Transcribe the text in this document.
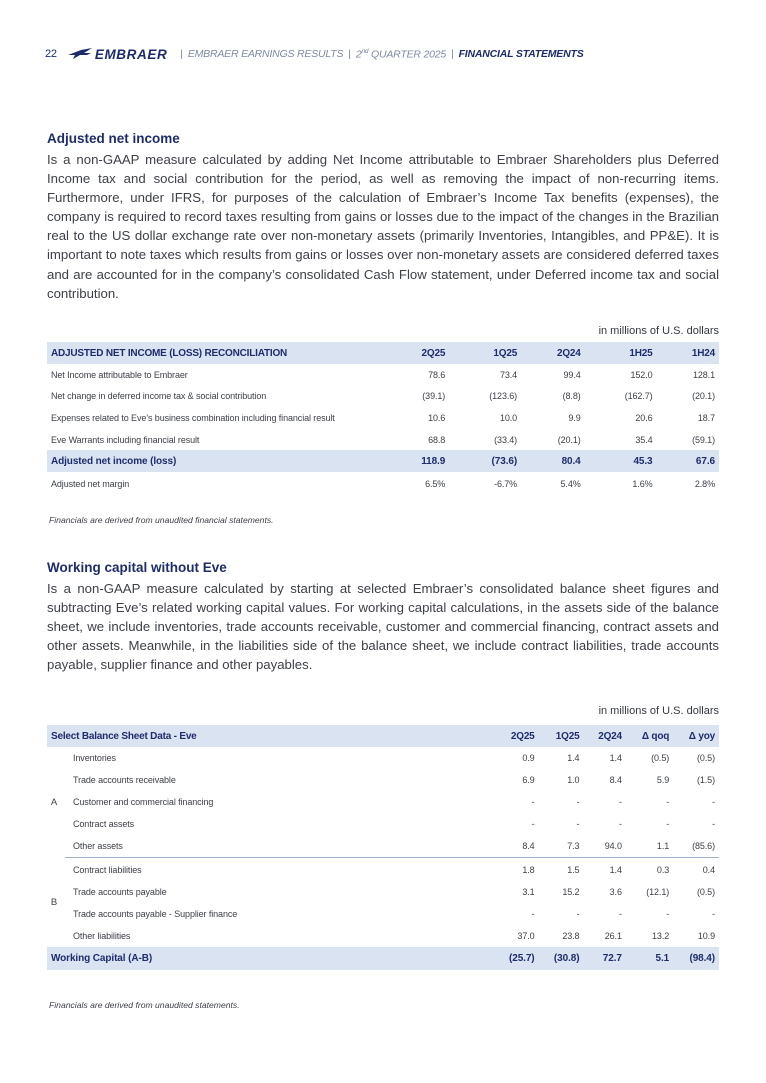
22	EMBRAER | EMBRAER EARNINGS RESULTS | 2nd QUARTER 2025 | FINANCIAL STATEMENTS
Adjusted net income

Is a non-GAAP measure calculated by adding Net Income attributable to Embraer Shareholders plus Deferred Income tax and social contribution for the period, as well as removing the impact of non-recurring items. Furthermore, under IFRS, for purposes of the calculation of Embraer’s Income Tax benefits (expenses), the company is required to record taxes resulting from gains or losses due to the impact of the changes in the Brazilian real to the US dollar exchange rate over non-monetary assets (primarily Inventories, Intangibles, and PP&E). It is important to note taxes which results from gains or losses over non-monetary assets are considered deferred taxes and are accounted for in the company’s consolidated Cash Flow statement, under Deferred income tax and social contribution.

in millions of U.S. dollars
ADJUSTED NET INCOME (LOSS) RECONCILIATION	2Q25	1Q25	2Q24	1H25	1H24
Net Income attributable to Embraer	78.6	73.4	99.4	152.0	128.1
Net change in deferred income tax & social contribution	(39.1)	(123.6)	(8.8)	(162.7)	(20.1)
Expenses related to Eve’s business combination including financial result	10.6	10.0	9.9	20.6	18.7
Eve Warrants including financial result	68.8	(33.4)	(20.1)	35.4	(59.1)
Adjusted net income (loss)	118.9	(73.6)	80.4	45.3	67.6
Adjusted net margin	6.5%	-6.7%	5.4%	1.6%	2.8%
Financials are derived from unaudited financial statements.
Working capital without Eve

Is a non-GAAP measure calculated by starting at selected Embraer’s consolidated balance sheet figures and subtracting Eve’s related working capital values. For working capital calculations, in the assets side of the balance sheet, we include inventories, trade accounts receivable, customer and commercial financing, contract assets and other assets. Meanwhile, in the liabilities side of the balance sheet, we include contract liabilities, trade accounts payable, supplier finance and other payables.

in millions of U.S. dollars
Select Balance Sheet Data - Eve		2Q25	1Q25	2Q24	Δ qoq	Δ yoy
A	Inventories	0.9	1.4	1.4	(0.5)	(0.5)
	Trade accounts receivable	6.9	1.0	8.4	5.9	(1.5)
	Customer and commercial financing	-	-	-	-	-
	Contract assets	-	-	-	-	-
	Other assets	8.4	7.3	94.0	1.1	(85.6)
B	Contract liabilities	1.8	1.5	1.4	0.3	0.4
	Trade accounts payable	3.1	15.2	3.6	(12.1)	(0.5)
	Trade accounts payable - Supplier finance	-	-	-	-	-
	Other liabilities	37.0	23.8	26.1	13.2	10.9
Working Capital (A-B)		(25.7)	(30.8)	72.7	5.1	(98.4)
Financials are derived from unaudited statements.
